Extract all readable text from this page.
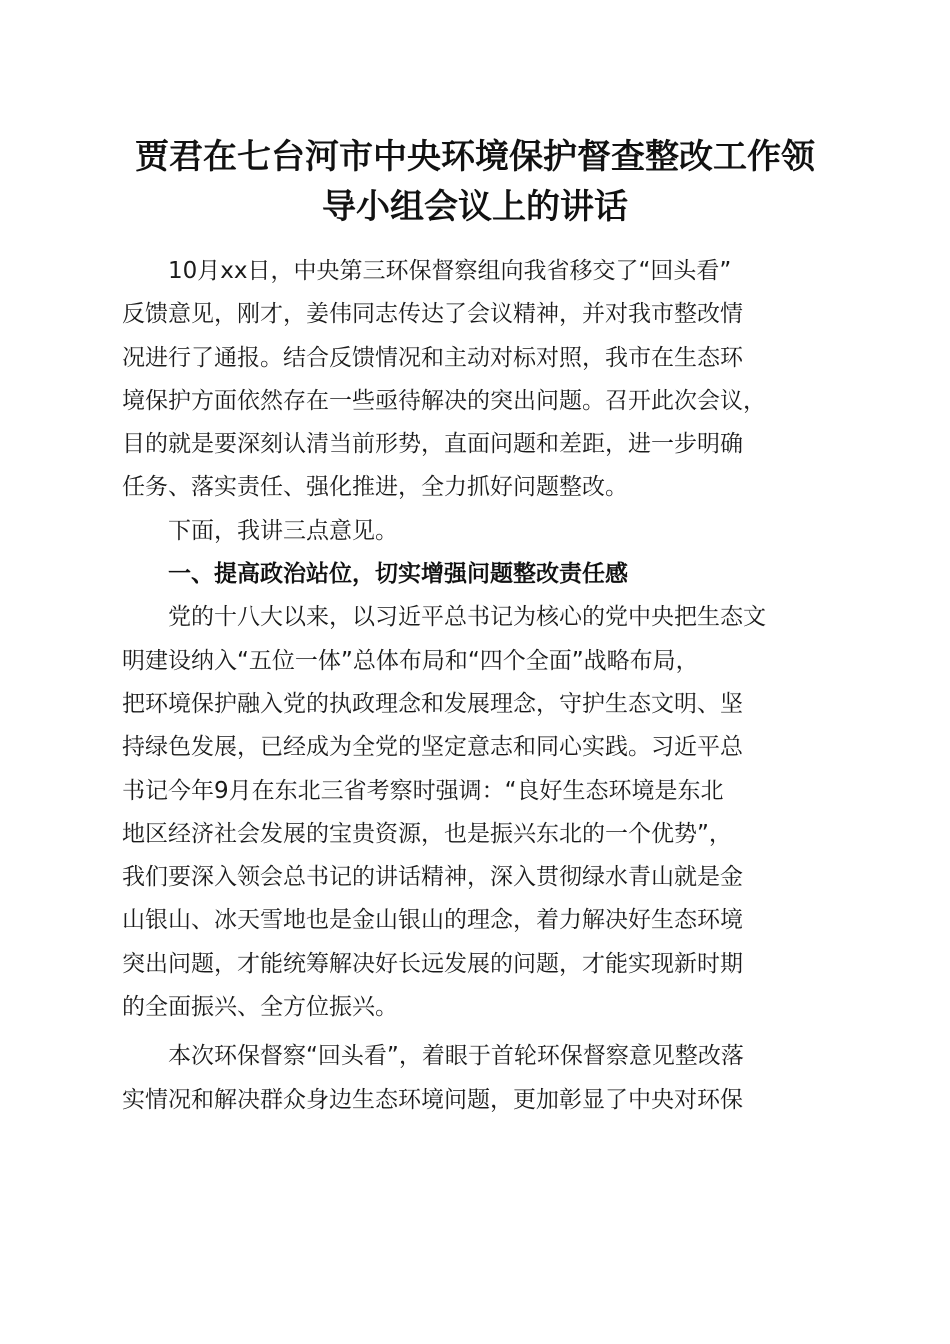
贾君在七台河市中央环境保护督查整改工作领
导小组会议上的讲话
10月xx日，中央第三环保督察组向我省移交了“回头看”
反馈意见，刚才，姜伟同志传达了会议精神，并对我市整改情
况进行了通报。结合反馈情况和主动对标对照，我市在生态环
境保护方面依然存在一些亟待解决的突出问题。召开此次会议，
目的就是要深刻认清当前形势，直面问题和差距，进一步明确
任务、落实责任、强化推进，全力抓好问题整改。
下面，我讲三点意见。
一、提高政治站位，切实增强问题整改责任感
党的十八大以来，以习近平总书记为核心的党中央把生态文
明建设纳入“五位一体”总体布局和“四个全面”战略布局，
把环境保护融入党的执政理念和发展理念，守护生态文明、坚
持绿色发展，已经成为全党的坚定意志和同心实践。习近平总
书记今年9月在东北三省考察时强调：“良好生态环境是东北
地区经济社会发展的宝贵资源，也是振兴东北的一个优势”，
我们要深入领会总书记的讲话精神，深入贯彻绿水青山就是金
山银山、冰天雪地也是金山银山的理念，着力解决好生态环境
突出问题，才能统筹解决好长远发展的问题，才能实现新时期
的全面振兴、全方位振兴。
本次环保督察“回头看”，着眼于首轮环保督察意见整改落
实情况和解决群众身边生态环境问题，更加彰显了中央对环保
